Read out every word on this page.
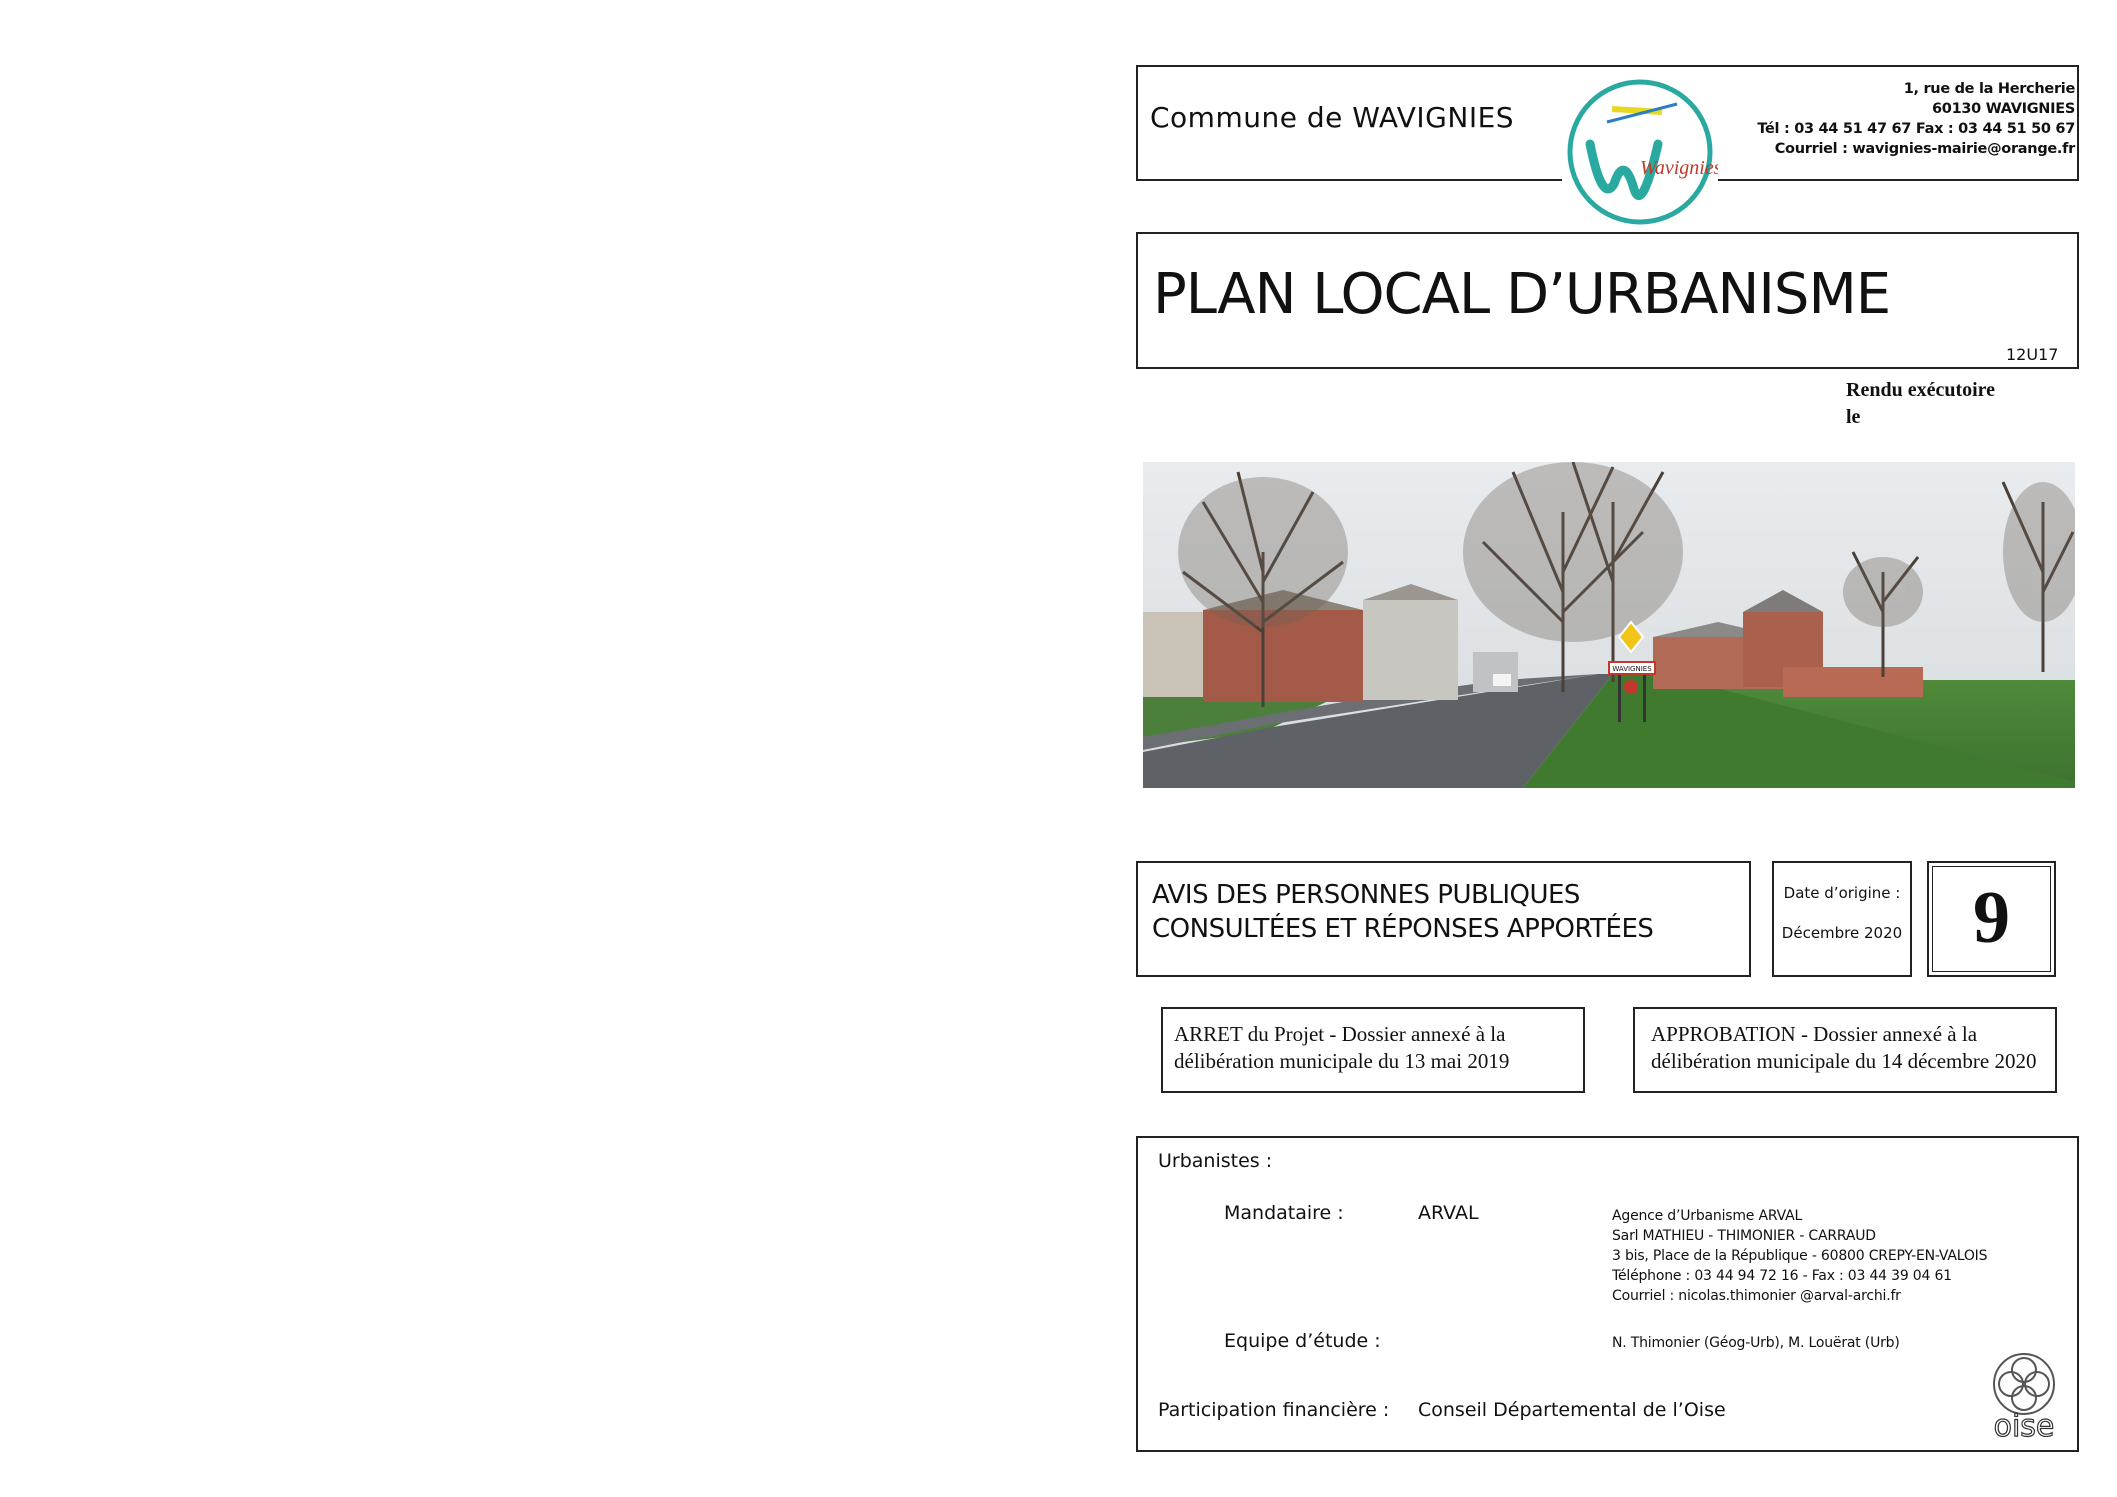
Commune de WAVIGNIES
Wavignies
1, rue de la Hercherie
60130 WAVIGNIES
Tél : 03 44 51 47 67 Fax : 03 44 51 50 67
Courriel : wavignies-mairie@orange.fr
PLAN LOCAL D’URBANISME
12U17
Rendu exécutoire
le
WAVIGNIES
AVIS DES PERSONNES PUBLIQUES
CONSULTÉES ET RÉPONSES APPORTÉES
Date d’origine :
Décembre 2020 9
ARRET du Projet - Dossier annexé à la
délibération municipale du 13 mai 2019
APPROBATION - Dossier annexé à la
délibération municipale du 14 décembre 2020
Urbanistes :
Mandataire :	ARVAL	Agence d’Urbanisme ARVAL
Sarl MATHIEU - THIMONIER - CARRAUD
3 bis, Place de la République - 60800 CREPY-EN-VALOIS
Téléphone : 03 44 94 72 16 - Fax : 03 44 39 04 61
Courriel : nicolas.thimonier @arval-archi.fr
Equipe d’étude :	N. Thimonier (Géog-Urb), M. Louërat (Urb)
Participation financière : Conseil Départemental de l’Oise	oise
